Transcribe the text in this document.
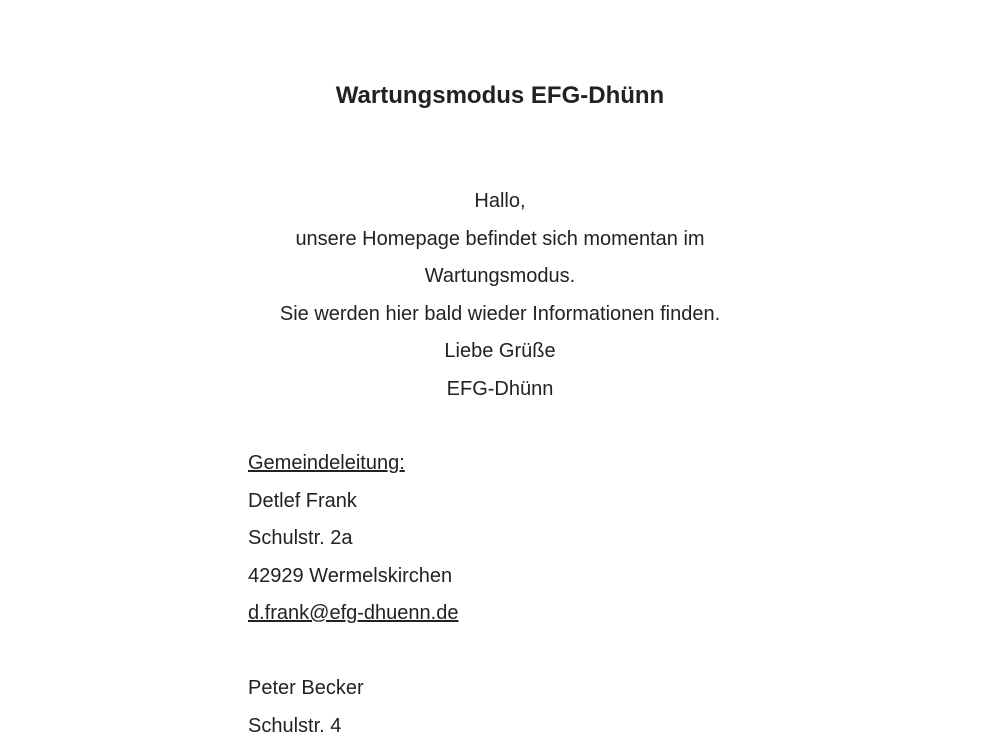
Wartungsmodus EFG-Dhünn
Hallo,
unsere Homepage befindet sich momentan im
Wartungsmodus.
Sie werden hier bald wieder Informationen finden.
Liebe Grüße
EFG-Dhünn
Gemeindeleitung:
Detlef Frank
Schulstr. 2a
42929 Wermelskirchen
d.frank@efg-dhuenn.de
Peter Becker
Schulstr. 4
